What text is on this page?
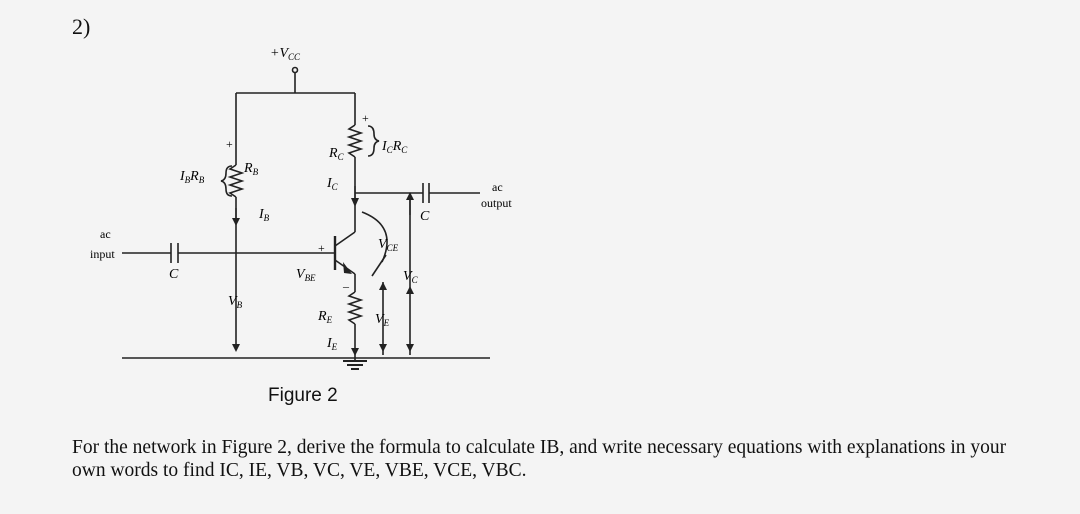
2)
$+V_{CC}$
$R_C$
$I_CR_C$
$I_BR_B$
$R_B$
$I_C$
$I_B$
ac
input
C
ac
output
C
$V_{CE}$
$V_{BE}$	$V_C$
$V_B$
$R_E$	$V_E$
$I_E$
+
+
+
–
Figure 2

For the network in Figure 2, derive the formula to calculate IB, and write necessary equations with explanations in your own words to find IC, IE, VB, VC, VE, VBE, VCE, VBC.
